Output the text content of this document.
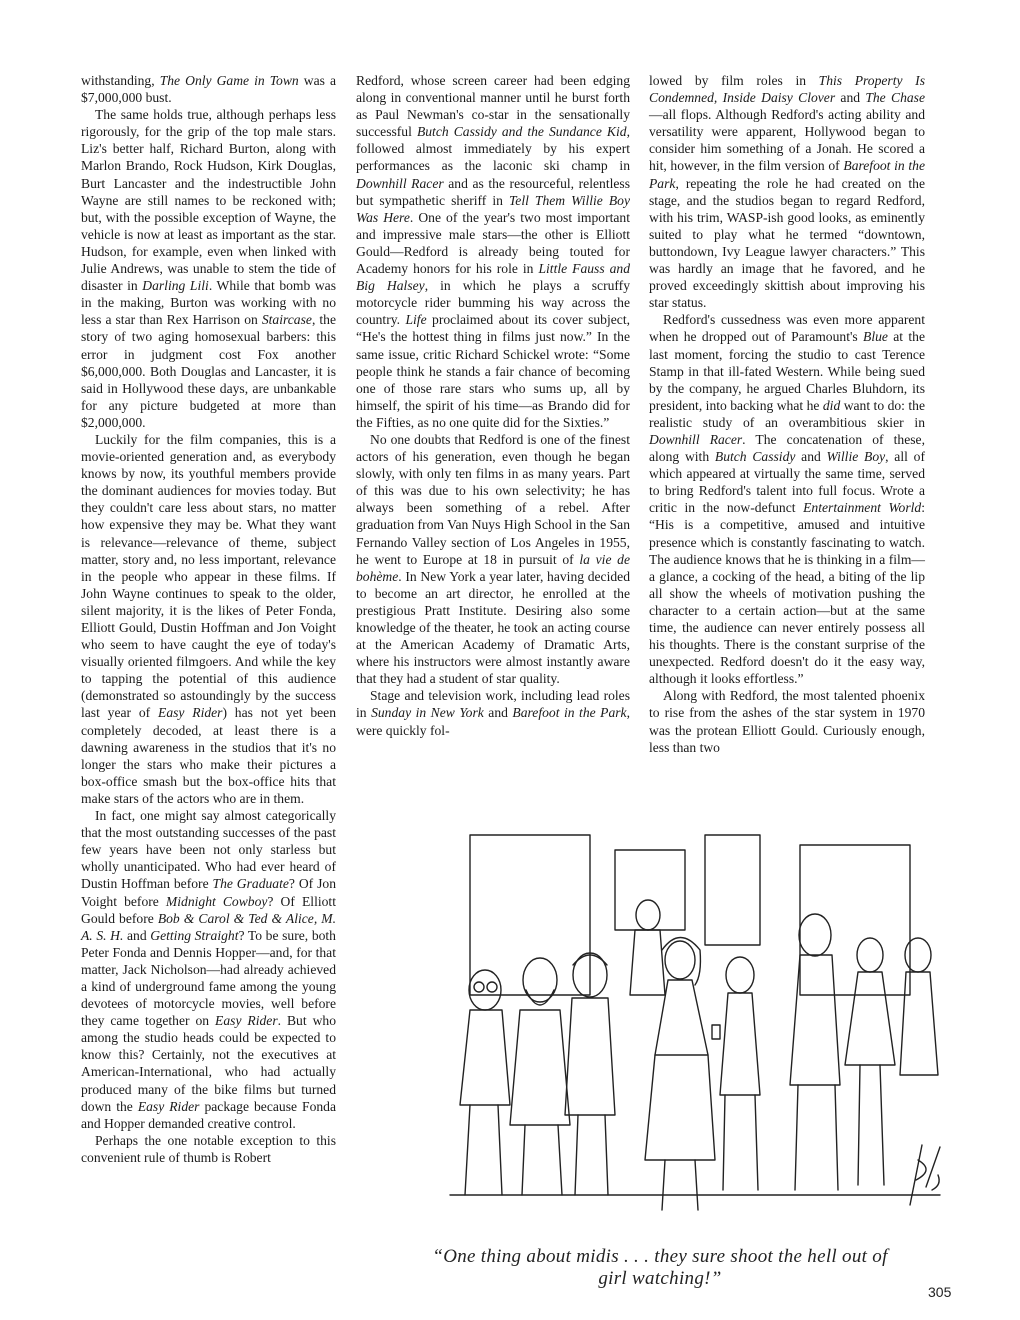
withstanding, The Only Game in Town was a $7,000,000 bust.

The same holds true, although perhaps less rigorously, for the grip of the top male stars. Liz's better half, Richard Burton, along with Marlon Brando, Rock Hudson, Kirk Douglas, Burt Lancaster and the indestructible John Wayne are still names to be reckoned with; but, with the possible exception of Wayne, the vehicle is now at least as important as the star. Hudson, for example, even when linked with Julie Andrews, was unable to stem the tide of disaster in Darling Lili. While that bomb was in the making, Burton was working with no less a star than Rex Harrison on Staircase, the story of two aging homosexual barbers: this error in judgment cost Fox another $6,000,000. Both Douglas and Lancaster, it is said in Hollywood these days, are unbankable for any picture budgeted at more than $2,000,000.

Luckily for the film companies, this is a movie-oriented generation and, as everybody knows by now, its youthful members provide the dominant audiences for movies today. But they couldn't care less about stars, no matter how expensive they may be. What they want is relevance—relevance of theme, subject matter, story and, no less important, relevance in the people who appear in these films. If John Wayne continues to speak to the older, silent majority, it is the likes of Peter Fonda, Elliott Gould, Dustin Hoffman and Jon Voight who seem to have caught the eye of today's visually oriented filmgoers. And while the key to tapping the potential of this audience (demonstrated so astoundingly by the success last year of Easy Rider) has not yet been completely decoded, at least there is a dawning awareness in the studios that it's no longer the stars who make their pictures a box-office smash but the box-office hits that make stars of the actors who are in them.

In fact, one might say almost categorically that the most outstanding successes of the past few years have been not only starless but wholly unanticipated. Who had ever heard of Dustin Hoffman before The Graduate? Of Jon Voight before Midnight Cowboy? Of Elliott Gould before Bob & Carol & Ted & Alice, M. A. S. H. and Getting Straight? To be sure, both Peter Fonda and Dennis Hopper—and, for that matter, Jack Nicholson—had already achieved a kind of underground fame among the young devotees of motorcycle movies, well before they came together on Easy Rider. But who among the studio heads could be expected to know this? Certainly, not the executives at American-International, who had actually produced many of the bike films but turned down the Easy Rider package because Fonda and Hopper demanded creative control.

Perhaps the one notable exception to this convenient rule of thumb is Robert

Redford, whose screen career had been edging along in conventional manner until he burst forth as Paul Newman's co-star in the sensationally successful Butch Cassidy and the Sundance Kid, followed almost immediately by his expert performances as the laconic ski champ in Downhill Racer and as the resourceful, relentless but sympathetic sheriff in Tell Them Willie Boy Was Here. One of the year's two most important and impressive male stars—the other is Elliott Gould—Redford is already being touted for Academy honors for his role in Little Fauss and Big Halsey, in which he plays a scruffy motorcycle rider bumming his way across the country. Life proclaimed about its cover subject, “He's the hottest thing in films just now.” In the same issue, critic Richard Schickel wrote: “Some people think he stands a fair chance of becoming one of those rare stars who sums up, all by himself, the spirit of his time—as Brando did for the Fifties, as no one quite did for the Sixties.”

No one doubts that Redford is one of the finest actors of his generation, even though he began slowly, with only ten films in as many years. Part of this was due to his own selectivity; he has always been something of a rebel. After graduation from Van Nuys High School in the San Fernando Valley section of Los Angeles in 1955, he went to Europe at 18 in pursuit of la vie de bohème. In New York a year later, having decided to become an art director, he enrolled at the prestigious Pratt Institute. Desiring also some knowledge of the theater, he took an acting course at the American Academy of Dramatic Arts, where his instructors were almost instantly aware that they had a student of star quality.

Stage and television work, including lead roles in Sunday in New York and Barefoot in the Park, were quickly fol-

lowed by film roles in This Property Is Condemned, Inside Daisy Clover and The Chase—all flops. Although Redford's acting ability and versatility were apparent, Hollywood began to consider him something of a Jonah. He scored a hit, however, in the film version of Barefoot in the Park, repeating the role he had created on the stage, and the studios began to regard Redford, with his trim, WASP-ish good looks, as eminently suited to play what he termed “downtown, buttondown, Ivy League lawyer characters.” This was hardly an image that he favored, and he proved exceedingly skittish about improving his star status.

Redford's cussedness was even more apparent when he dropped out of Paramount's Blue at the last moment, forcing the studio to cast Terence Stamp in that ill-fated Western. While being sued by the company, he argued Charles Bluhdorn, its president, into backing what he did want to do: the realistic study of an overambitious skier in Downhill Racer. The concatenation of these, along with Butch Cassidy and Willie Boy, all of which appeared at virtually the same time, served to bring Redford's talent into full focus. Wrote a critic in the now-defunct Entertainment World: “His is a competitive, amused and intuitive presence which is constantly fascinating to watch. The audience knows that he is thinking in a film—a glance, a cocking of the head, a biting of the lip all show the wheels of motivation pushing the character to a certain action—but at the same time, the audience can never entirely possess all his thoughts. There is the constant surprise of the unexpected. Redford doesn't do it the easy way, although it looks effortless.”

Along with Redford, the most talented phoenix to rise from the ashes of the star system in 1970 was the protean Elliott Gould. Curiously enough, less than two

“One thing about midis . . . they sure shoot the hell out of girl watching!”
305
